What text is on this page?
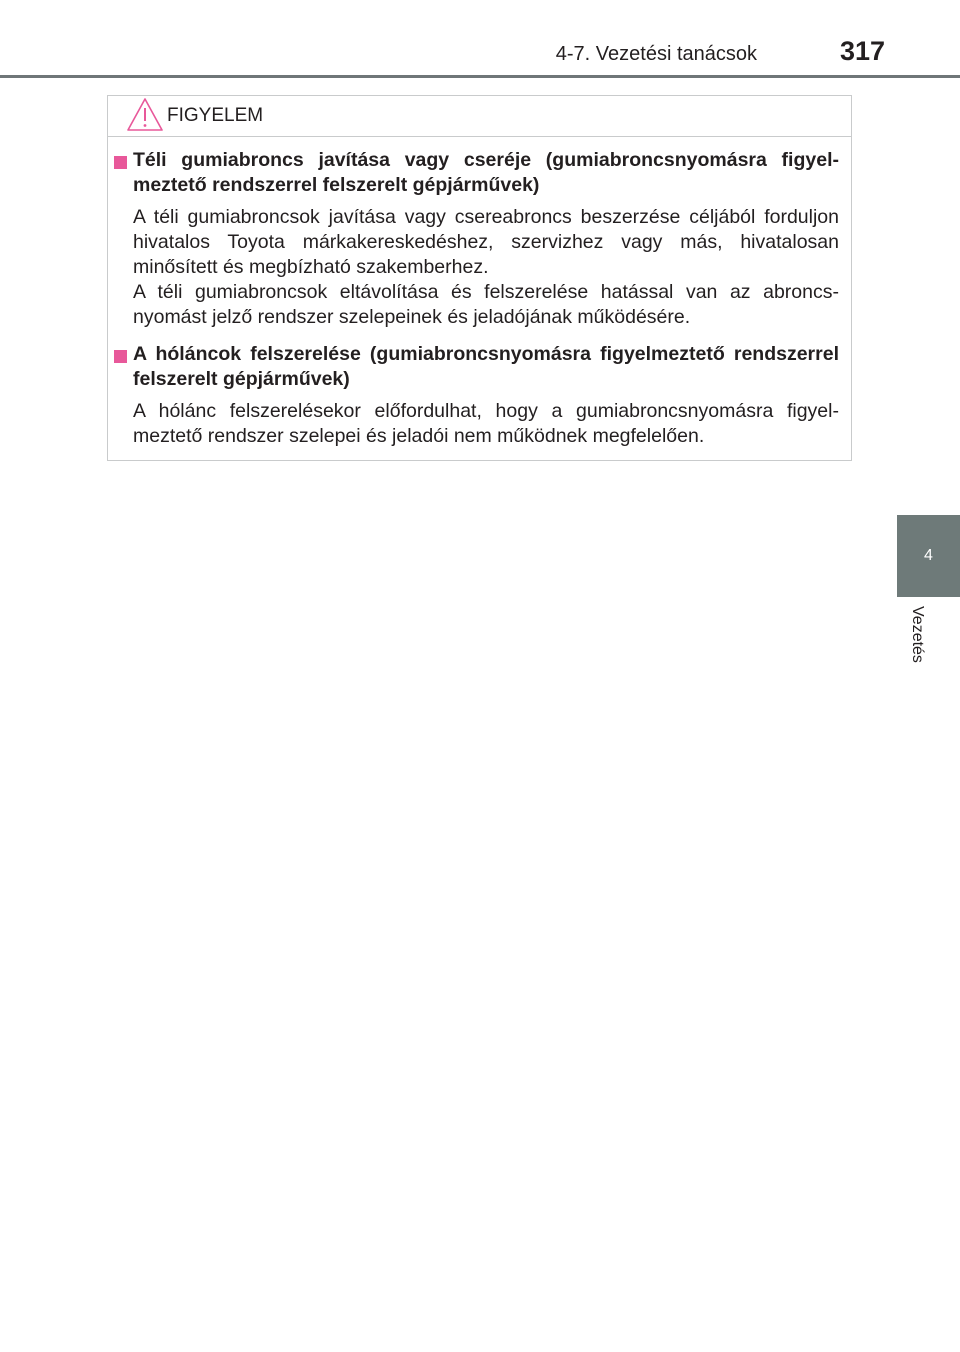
4-7. Vezetési tanácsok	317
4
Vezetés
FIGYELEM
Téli gumiabroncs javítása vagy cseréje (gumiabroncsnyomásra figyelmeztető rendszerrel felszerelt gépjárművek)

A téli gumiabroncsok javítása vagy csereabroncs beszerzése céljából forduljon hivatalos Toyota márkakereskedéshez, szervizhez vagy más, hivatalosan minősített és megbízható szakemberhez.

A téli gumiabroncsok eltávolítása és felszerelése hatással van az abroncsnyomást jelző rendszer szelepeinek és jeladójának működésére.

A hóláncok felszerelése (gumiabroncsnyomásra figyelmeztető rendszerrel felszerelt gépjárművek)

A hólánc felszerelésekor előfordulhat, hogy a gumiabroncsnyomásra figyelmeztető rendszer szelepei és jeladói nem működnek megfelelően.
